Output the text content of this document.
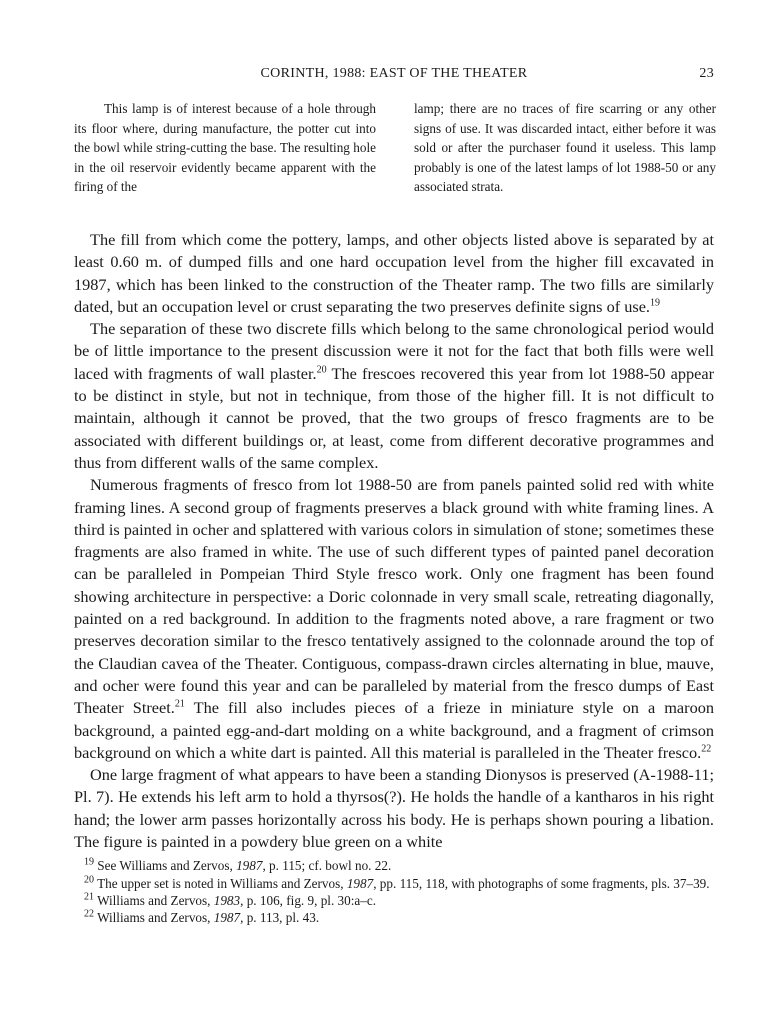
CORINTH, 1988: EAST OF THE THEATER	23
This lamp is of interest because of a hole through its floor where, during manufacture, the potter cut into the bowl while string-cutting the base. The resulting hole in the oil reservoir evidently became apparent with the firing of the
lamp; there are no traces of fire scarring or any other signs of use. It was discarded intact, either before it was sold or after the purchaser found it useless. This lamp probably is one of the latest lamps of lot 1988-50 or any associated strata.

The fill from which come the pottery, lamps, and other objects listed above is separated by at least 0.60 m. of dumped fills and one hard occupation level from the higher fill excavated in 1987, which has been linked to the construction of the Theater ramp. The two fills are similarly dated, but an occupation level or crust separating the two preserves definite signs of use.$^{19}$

The separation of these two discrete fills which belong to the same chronological period would be of little importance to the present discussion were it not for the fact that both fills were well laced with fragments of wall plaster.$^{20}$ The frescoes recovered this year from lot 1988-50 appear to be distinct in style, but not in technique, from those of the higher fill. It is not difficult to maintain, although it cannot be proved, that the two groups of fresco fragments are to be associated with different buildings or, at least, come from different decorative programmes and thus from different walls of the same complex.

Numerous fragments of fresco from lot 1988-50 are from panels painted solid red with white framing lines. A second group of fragments preserves a black ground with white framing lines. A third is painted in ocher and splattered with various colors in simulation of stone; sometimes these fragments are also framed in white. The use of such different types of painted panel decoration can be paralleled in Pompeian Third Style fresco work. Only one fragment has been found showing architecture in perspective: a Doric colonnade in very small scale, retreating diagonally, painted on a red background. In addition to the fragments noted above, a rare fragment or two preserves decoration similar to the fresco tentatively assigned to the colonnade around the top of the Claudian cavea of the Theater. Contiguous, compass-drawn circles alternating in blue, mauve, and ocher were found this year and can be paralleled by material from the fresco dumps of East Theater Street.$^{21}$ The fill also includes pieces of a frieze in miniature style on a maroon background, a painted egg-and-dart molding on a white background, and a fragment of crimson background on which a white dart is painted. All this material is paralleled in the Theater fresco.$^{22}$

One large fragment of what appears to have been a standing Dionysos is preserved (A-1988-11; Pl. 7). He extends his left arm to hold a thyrsos(?). He holds the handle of a kantharos in his right hand; the lower arm passes horizontally across his body. He is perhaps shown pouring a libation. The figure is painted in a powdery blue green on a white

$^{19}$ See Williams and Zervos, 1987, p. 115; cf. bowl no. 22.

$^{20}$ The upper set is noted in Williams and Zervos, 1987, pp. 115, 118, with photographs of some fragments, pls. 37–39.

$^{21}$ Williams and Zervos, 1983, p. 106, fig. 9, pl. 30:a–c.

$^{22}$ Williams and Zervos, 1987, p. 113, pl. 43.
